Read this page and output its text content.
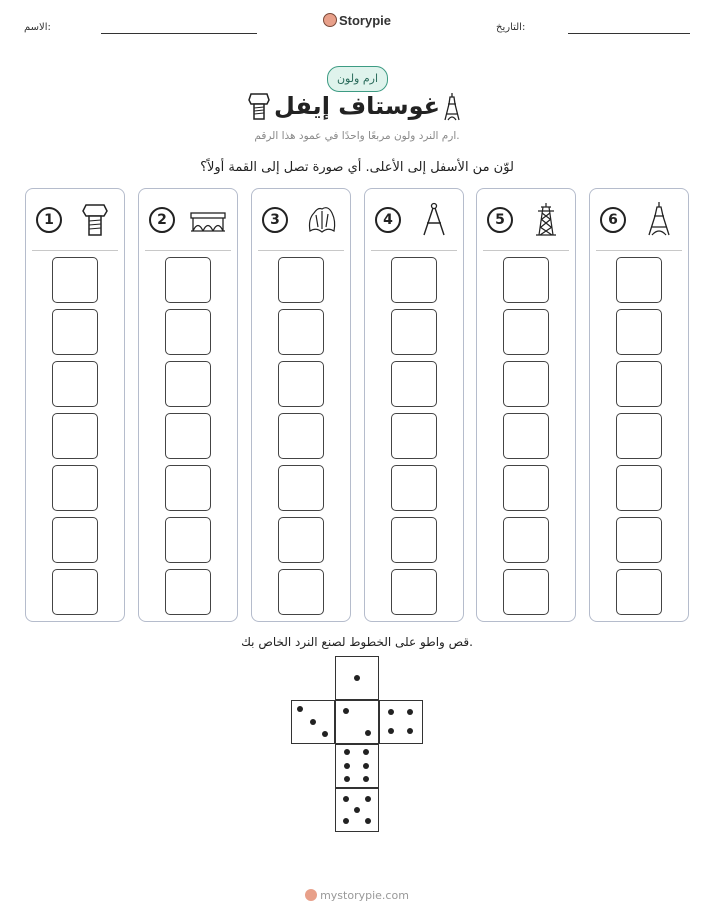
الاسم:	Storypie	التاريخ:
ارم ولون
غوستاف إيفل
ارم النرد ولون مربعًا واحدًا في عمود هذا الرقم.
لوّن من الأسفل إلى الأعلى. أي صورة تصل إلى القمة أولاً؟
1	2	3	4	5	6
قص واطو على الخطوط لصنع النرد الخاص بك.
mystorypie.com
